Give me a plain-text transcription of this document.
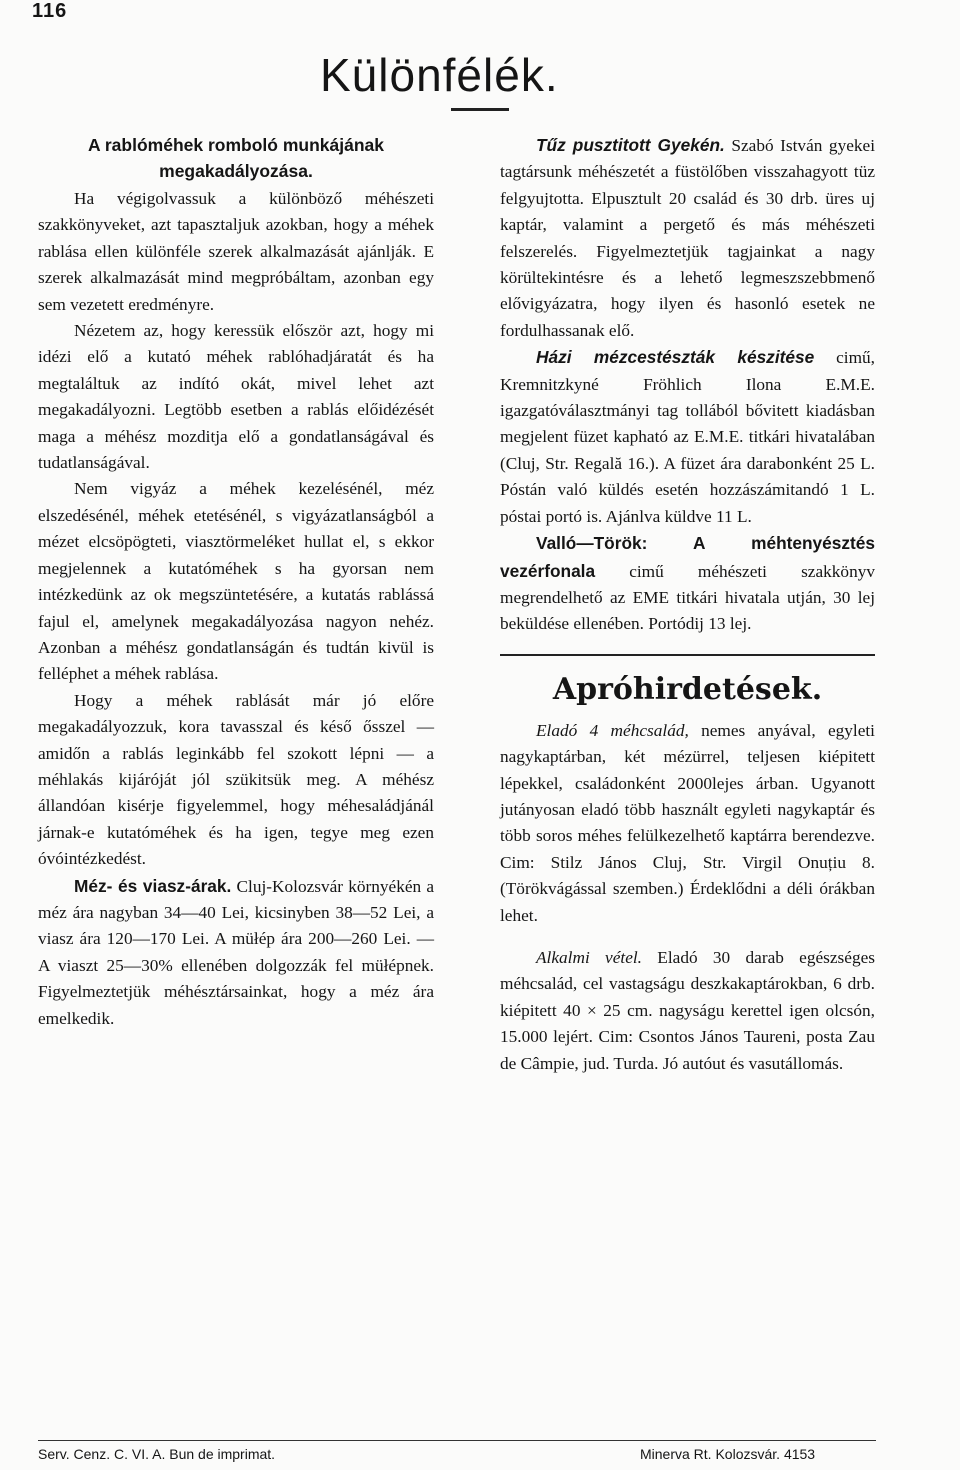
116
Különfélék.
A rablóméhek romboló munkájának megakadályozása.

Ha végigolvassuk a különböző méhészeti szakkönyveket, azt tapasztaljuk azokban, hogy a méhek rablása ellen különféle szerek alkalmazását ajánlják. E szerek alkalmazását mind megpróbáltam, azonban egy sem vezetett eredményre.

Nézetem az, hogy keressük először azt, hogy mi idézi elő a kutató méhek rablóhadjáratát és ha megtaláltuk az indító okát, mivel lehet azt megakadályozni. Legtöbb esetben a rablás előidézését maga a méhész mozditja elő a gondatlanságával és tudatlanságával.

Nem vigyáz a méhek kezelésénél, méz elszedésénél, méhek etetésénél, s vigyázatlanságból a mézet elcsöpögteti, viasztörmeléket hullat el, s ekkor megjelennek a kutatóméhek s ha gyorsan nem intézkedünk az ok megszüntetésére, a kutatás rablássá fajul el, amelynek megakadályozása nagyon nehéz. Azonban a méhész gondatlanságán és tudtán kivül is felléphet a méhek rablása.

Hogy a méhek rablását már jó előre megakadályozzuk, kora tavasszal és késő ősszel — amidőn a rablás leginkább fel szokott lépni — a méhlakás kijáróját jól szükitsük meg. A méhész állandóan kisérje figyelemmel, hogy méhesaládjánál járnak-e kutatóméhek és ha igen, tegye meg ezen óvóintézkedést.

Méz- és viasz-árak. Cluj-Kolozsvár környékén a méz ára nagyban 34—40 Lei, kicsinyben 38—52 Lei, a viasz ára 120—170 Lei. A müłép ára 200—260 Lei. — A viaszt 25—30% ellenében dolgozzák fel müłépnek. Figyelmeztetjük méhésztársainkat, hogy a méz ára emelkedik.

Tűz pusztitott Gyekén. Szabó István gyekei tagtársunk méhészetét a füstölőben visszahagyott tüz felgyujtotta. Elpusztult 20 család és 30 drb. üres uj kaptár, valamint a pergető és más méhészeti felszerelés. Figyelmeztetjük tagjainkat a nagy körültekintésre és a lehető legmeszszebbmenő elővigyázatra, hogy ilyen és hasonló esetek ne fordulhassanak elő.

Házi mézcestészták készitése cimű, Kremnitzkyné Fröhlich Ilona E.M.E. igazgatóválasztmányi tag tollából bővitett kiadásban megjelent füzet kapható az E.M.E. titkári hivatalában (Cluj, Str. Regală 16.). A füzet ára darabonként 25 L. Póstán való küldés esetén hozzászámitandó 1 L. póstai portó is. Ajánlva küldve 11 L.

Valló—Török: A méhtenyésztés vezérfonala cimű méhészeti szakkönyv megrendelhető az EME titkári hivatala utján, 30 lej beküldése ellenében. Portódij 13 lej.

Apróhirdetések.

Eladó 4 méhcsalád, nemes anyával, egyleti nagykaptárban, két mézürrel, teljesen kiépitett lépekkel, családonként 2000lejes árban. Ugyanott jutányosan eladó több használt egyleti nagykaptár és több soros méhes felülkezelhető kaptárra berendezve. Cim: Stilz János Cluj, Str. Virgil Onuțiu 8. (Törökvágással szemben.) Érdeklődni a déli órákban lehet.

Alkalmi vétel. Eladó 30 darab egészséges méhcsalád, cel vastagságu deszkakaptárokban, 6 drb. kiépitett 40 × 25 cm. nagyságu kerettel igen olcsón, 15.000 lejért. Cim: Csontos János Taureni, posta Zau de Câmpie, jud. Turda. Jó autóut és vasutállomás.

Serv. Cenz. C. VI. A. Bun de imprimat.	Minerva Rt. Kolozsvár. 4153
